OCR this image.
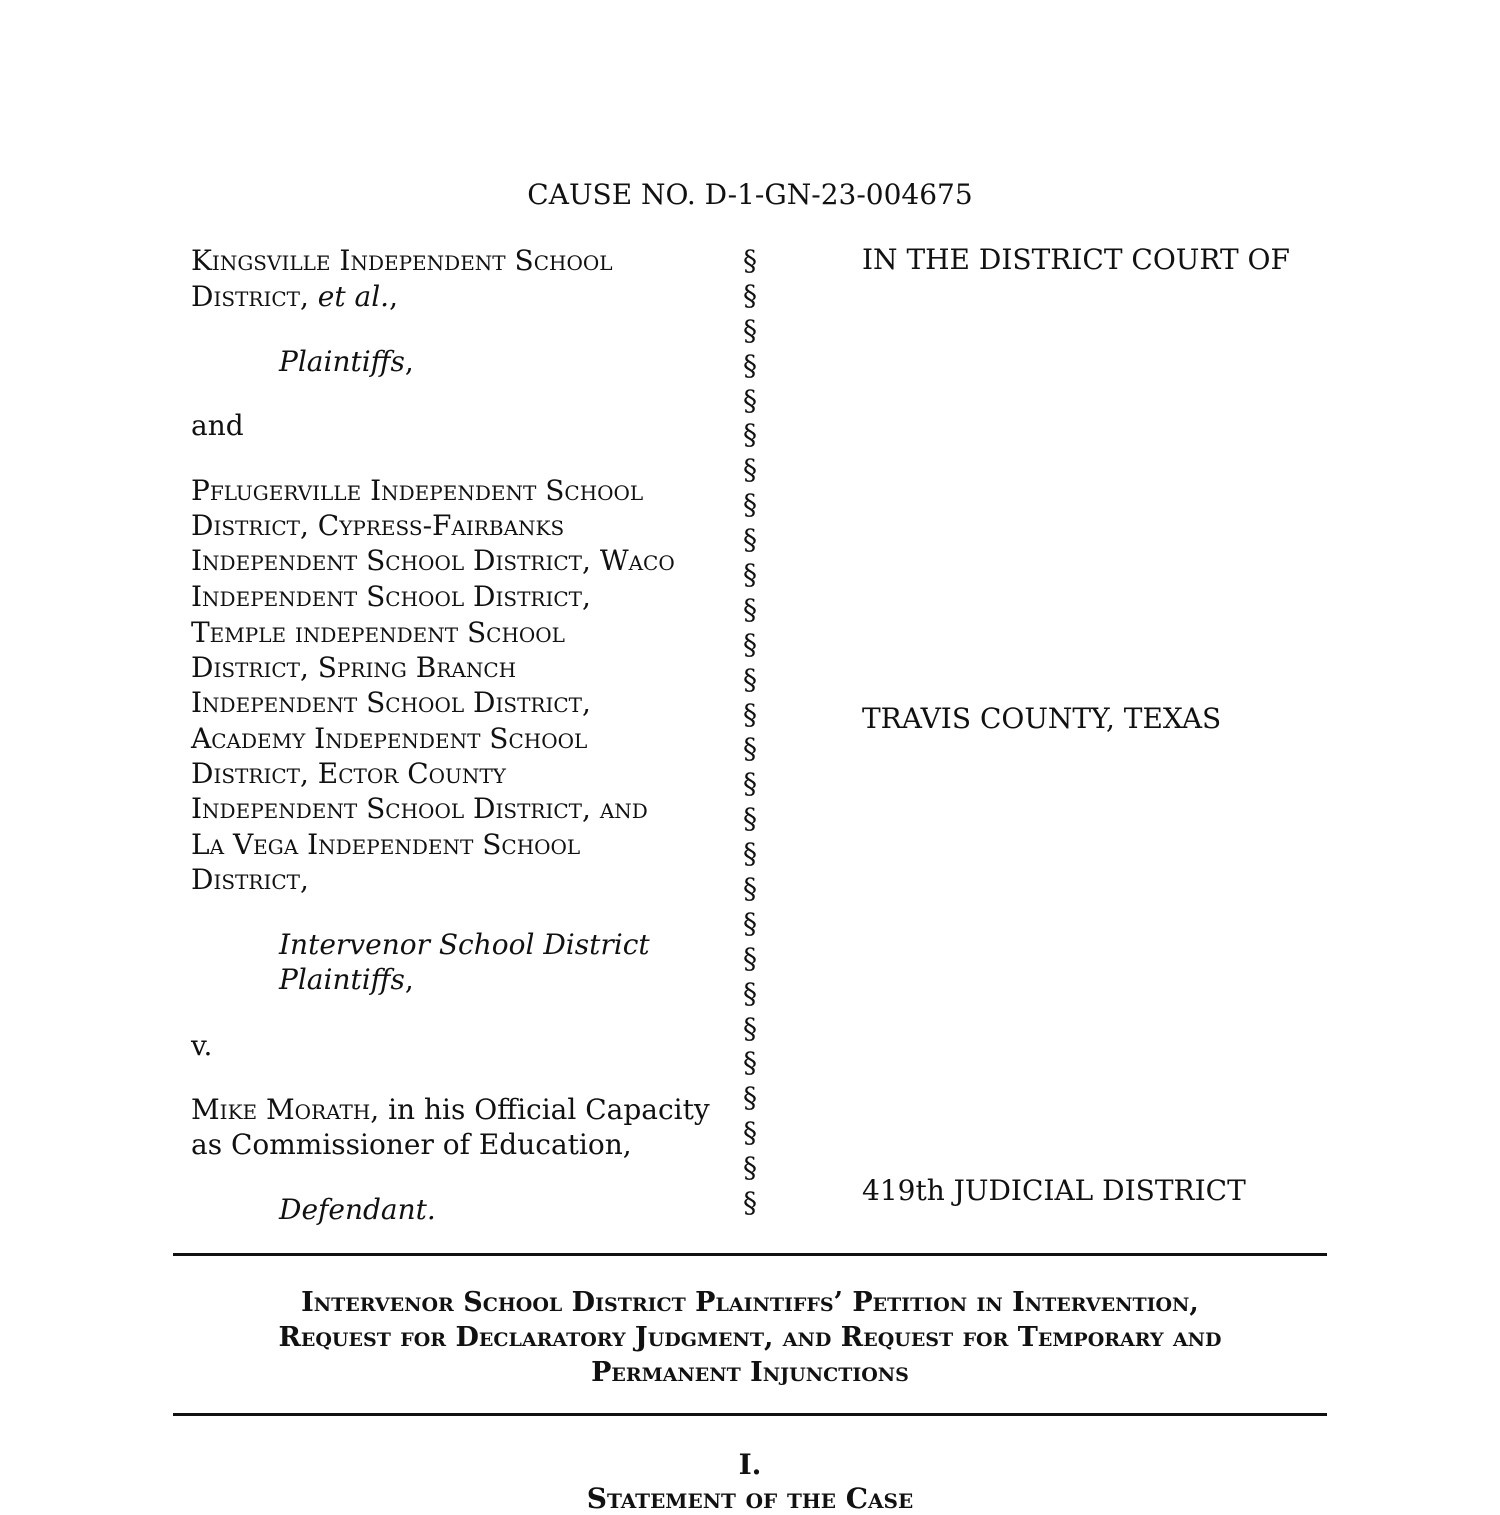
CAUSE NO. D-1-GN-23-004675
Kingsville Independent School
District, et al.,
Plaintiffs,
and
Pflugerville Independent School
District, Cypress-Fairbanks
Independent School District, Waco
Independent School District,
Temple independent School
District, Spring Branch
Independent School District,
Academy Independent School
District, Ector County
Independent School District, and
La Vega Independent School
District,
Intervenor School District
Plaintiffs,
v.
Mike Morath, in his Official Capacity
as Commissioner of Education,
Defendant.
§
§
§
§
§
§
§
§
§
§
§
§
§
§
§
§
§
§
§
§
§
§
§
§
§
§
§
§
IN THE DISTRICT COURT OF
TRAVIS COUNTY, TEXAS
419th JUDICIAL DISTRICT
Intervenor School District Plaintiffs’ Petition in Intervention,
Request for Declaratory Judgment, and Request for Temporary and
Permanent Injunctions
I.
Statement of the Case
